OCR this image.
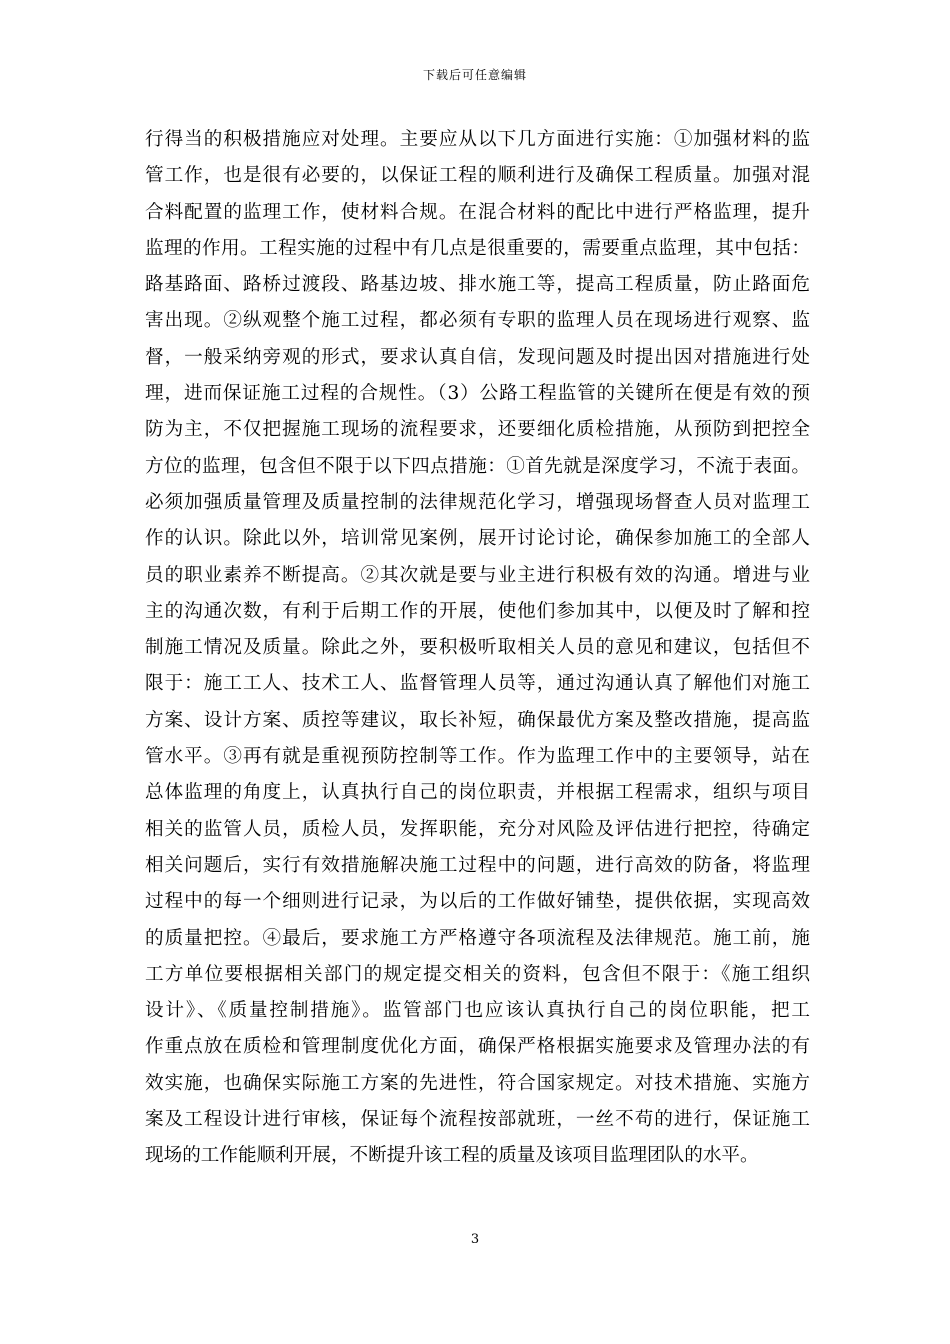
下载后可任意编辑
行得当的积极措施应对处理。主要应从以下几方面进行实施：①加强材料的监
管工作，也是很有必要的，以保证工程的顺利进行及确保工程质量。加强对混
合料配置的监理工作，使材料合规。在混合材料的配比中进行严格监理，提升
监理的作用。工程实施的过程中有几点是很重要的，需要重点监理，其中包括：
路基路面、路桥过渡段、路基边坡、排水施工等，提高工程质量，防止路面危
害出现。②纵观整个施工过程，都必须有专职的监理人员在现场进行观察、监
督，一般采纳旁观的形式，要求认真自信，发现问题及时提出因对措施进行处
理，进而保证施工过程的合规性。（3）公路工程监管的关键所在便是有效的预
防为主，不仅把握施工现场的流程要求，还要细化质检措施，从预防到把控全
方位的监理，包含但不限于以下四点措施：①首先就是深度学习，不流于表面。
必须加强质量管理及质量控制的法律规范化学习，增强现场督查人员对监理工
作的认识。除此以外，培训常见案例，展开讨论讨论，确保参加施工的全部人
员的职业素养不断提高。②其次就是要与业主进行积极有效的沟通。增进与业
主的沟通次数，有利于后期工作的开展，使他们参加其中，以便及时了解和控
制施工情况及质量。除此之外，要积极听取相关人员的意见和建议，包括但不
限于：施工工人、技术工人、监督管理人员等，通过沟通认真了解他们对施工
方案、设计方案、质控等建议，取长补短，确保最优方案及整改措施，提高监
管水平。③再有就是重视预防控制等工作。作为监理工作中的主要领导，站在
总体监理的角度上，认真执行自己的岗位职责，并根据工程需求，组织与项目
相关的监管人员，质检人员，发挥职能，充分对风险及评估进行把控，待确定
相关问题后，实行有效措施解决施工过程中的问题，进行高效的防备，将监理
过程中的每一个细则进行记录，为以后的工作做好铺垫，提供依据，实现高效
的质量把控。④最后，要求施工方严格遵守各项流程及法律规范。施工前，施
工方单位要根据相关部门的规定提交相关的资料，包含但不限于：《施工组织
设计》、《质量控制措施》。监管部门也应该认真执行自己的岗位职能，把工
作重点放在质检和管理制度优化方面，确保严格根据实施要求及管理办法的有
效实施，也确保实际施工方案的先进性，符合国家规定。对技术措施、实施方
案及工程设计进行审核，保证每个流程按部就班，一丝不苟的进行，保证施工
现场的工作能顺利开展，不断提升该工程的质量及该项目监理团队的水平。
3
